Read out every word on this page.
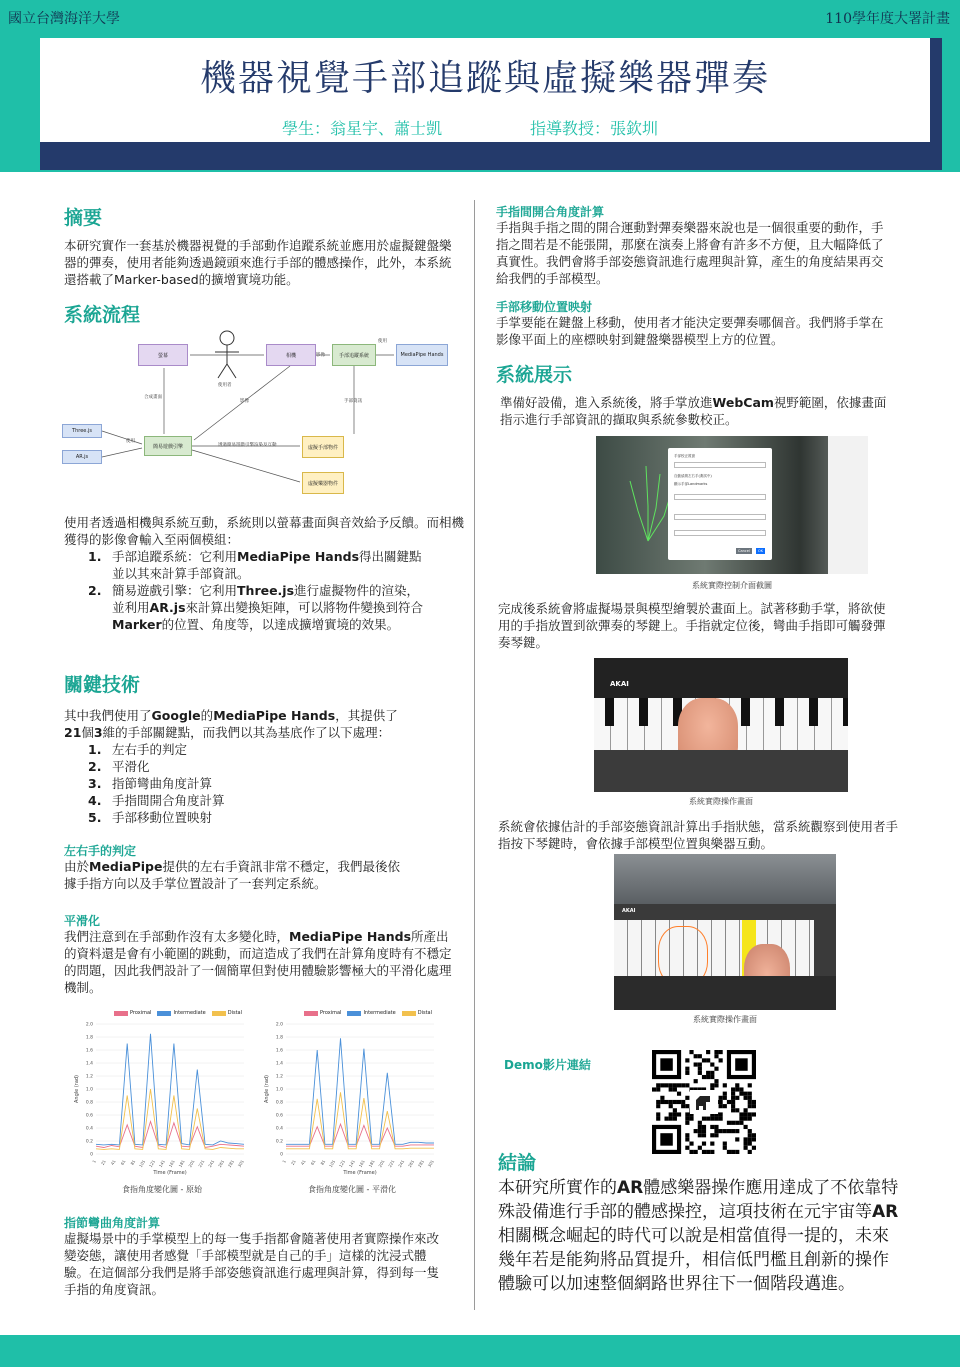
國立台灣海洋大學	110學年度大署計畫
機器視覺手部追蹤與虛擬樂器彈奏
學生：翁星宇、蕭士凱	指導教授：張欽圳
摘要
本研究實作一套基於機器視覺的手部動作追蹤系統並應用於虛擬鍵盤樂器的彈奏，使用者能夠透過鏡頭來進行手部的體感操作，此外，本系統還搭載了Marker-based的擴增實境功能。
系統流程
螢幕
使用者
相機	影像	手部追蹤系統
使用
MediaPipe Hands
合成畫面
影像	手部資訊
Three.js
AR.js
使用
簡易遊戲引擎	透過簡易遊戲引擎渲染及互動	虛擬手部物件
虛擬樂器物件
使用者透過相機與系統互動，系統則以螢幕畫面與音效給予反饋。而相機獲得的影像會輸入至兩個模組：
1. 手部追蹤系統：它利用MediaPipe Hands得出關鍵點
並以其來計算手部資訊。
2. 簡易遊戲引擎：它利用Three.js進行虛擬物件的渲染，
並利用AR.js來計算出變換矩陣，可以將物件變換到符合
Marker的位置、角度等，以達成擴增實境的效果。
關鍵技術
其中我們使用了Google的MediaPipe Hands，其提供了
21個3維的手部關鍵點，而我們以其為基底作了以下處理：
1. 左右手的判定
2. 平滑化
3. 指節彎曲角度計算
4. 手指間開合角度計算
5. 手部移動位置映射
左右手的判定
由於MediaPipe提供的左右手資訊非常不穩定，我們最後依
據手指方向以及手掌位置設計了一套判定系統。
平滑化
我們注意到在手部動作沒有太多變化時，MediaPipe Hands所產出的資料還是會有小範圍的跳動，而這造成了我們在計算角度時有不穩定的問題，因此我們設計了一個簡單但對使用體驗影響極大的平滑化處理機制。
Proximal	Intermediate	Distal
0
0.2
0.4
0.6
0.8
1.0
1.2
1.4
1.6
1.8
2.0
1 21 41 61 81 101 121 141 161 181 201 221 241 261 281 301
Angle (rad)
Time (Frame)
食指角度變化圖 - 原始
Proximal	Intermediate	Distal
0
0.2
0.4
0.6
0.8
1.0
1.2
1.4
1.6
1.8
2.0
1 21 41 61 81 101 121 141 161 181 201 221 241 261 281 301
Angle (rad)
Time (Frame)
食指角度變化圖 - 平滑化
指節彎曲角度計算
虛擬場景中的手掌模型上的每一隻手指都會隨著使用者實際操作來改變姿態，讓使用者感覺「手部模型就是自己的手」這樣的沈浸式體驗。在這個部分我們是將手部姿態資訊進行處理與計算，得到每一隻手指的角度資訊。
手指間開合角度計算
手指與手指之間的開合運動對彈奏樂器來說也是一個很重要的動作，手指之間若是不能張開，那麼在演奏上將會有許多不方便，且大幅降低了真實性。我們會將手部姿態資訊進行處理與計算，產生的角度結果再交給我們的手部模型。
手部移動位置映射
手掌要能在鍵盤上移動，使用者才能決定要彈奏哪個音。我們將手掌在影像平面上的座標映射到鍵盤樂器模型上方的位置。
系統展示
準備好設備，進入系統後，將手掌放進WebCam視野範圍，依據畫面指示進行手部資訊的擷取與系統參數校正。
手部校正視窗
自動偵測左右手(測試中)
顯示手部Landmarks
Cancel	OK
系統實際控制介面截圖
完成後系統會將虛擬場景與模型繪製於畫面上。試著移動手掌，將欲使用的手指放置到欲彈奏的琴鍵上。手指就定位後，彎曲手指即可觸發彈奏琴鍵。
AKAI
系統實際操作畫面
系統會依據估計的手部姿態資訊計算出手指狀態，當系統觀察到使用者手指按下琴鍵時，會依據手部模型位置與樂器互動。
AKAI
系統實際操作畫面
Demo影片連結
結論
本研究所實作的AR體感樂器操作應用達成了不依靠特殊設備進行手部的體感操控，這項技術在元宇宙等AR相關概念崛起的時代可以說是相當值得一提的，未來幾年若是能夠將品質提升，相信低門檻且創新的操作體驗可以加速整個網路世界往下一個階段邁進。
